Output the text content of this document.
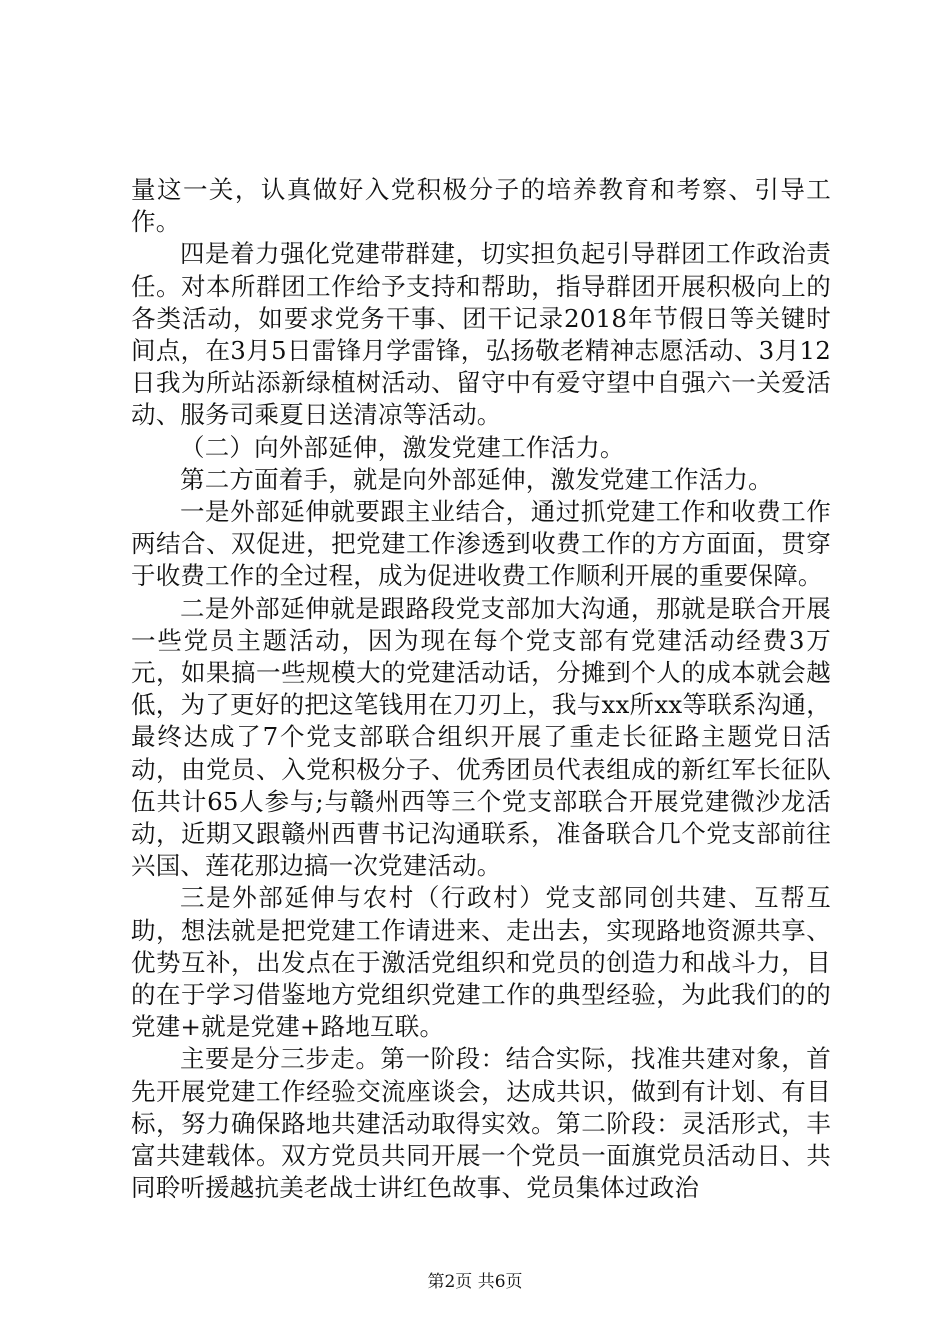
量这一关，认真做好入党积极分子的培养教育和考察、引导工作。

四是着力强化党建带群建，切实担负起引导群团工作政治责任。对本所群团工作给予支持和帮助，指导群团开展积极向上的各类活动，如要求党务干事、团干记录2018年节假日等关键时间点，在3月5日雷锋月学雷锋，弘扬敬老精神志愿活动、3月12日我为所站添新绿植树活动、留守中有爱守望中自强六一关爱活动、服务司乘夏日送清凉等活动。

（二）向外部延伸，激发党建工作活力。

第二方面着手，就是向外部延伸，激发党建工作活力。

一是外部延伸就要跟主业结合，通过抓党建工作和收费工作两结合、双促进，把党建工作渗透到收费工作的方方面面，贯穿于收费工作的全过程，成为促进收费工作顺利开展的重要保障。

二是外部延伸就是跟路段党支部加大沟通，那就是联合开展一些党员主题活动，因为现在每个党支部有党建活动经费3万元，如果搞一些规模大的党建活动话，分摊到个人的成本就会越低，为了更好的把这笔钱用在刀刃上，我与xx所xx等联系沟通，最终达成了7个党支部联合组织开展了重走长征路主题党日活动，由党员、入党积极分子、优秀团员代表组成的新红军长征队伍共计65人参与;与赣州西等三个党支部联合开展党建微沙龙活动，近期又跟赣州西曹书记沟通联系，准备联合几个党支部前往兴国、莲花那边搞一次党建活动。

三是外部延伸与农村（行政村）党支部同创共建、互帮互助，想法就是把党建工作请进来、走出去，实现路地资源共享、优势互补，出发点在于激活党组织和党员的创造力和战斗力，目的在于学习借鉴地方党组织党建工作的典型经验，为此我们的的党建+就是党建+路地互联。

主要是分三步走。第一阶段：结合实际，找准共建对象，首先开展党建工作经验交流座谈会，达成共识，做到有计划、有目标，努力确保路地共建活动取得实效。第二阶段：灵活形式，丰富共建载体。双方党员共同开展一个党员一面旗党员活动日、共同聆听援越抗美老战士讲红色故事、党员集体过政治

第2页 共6页
